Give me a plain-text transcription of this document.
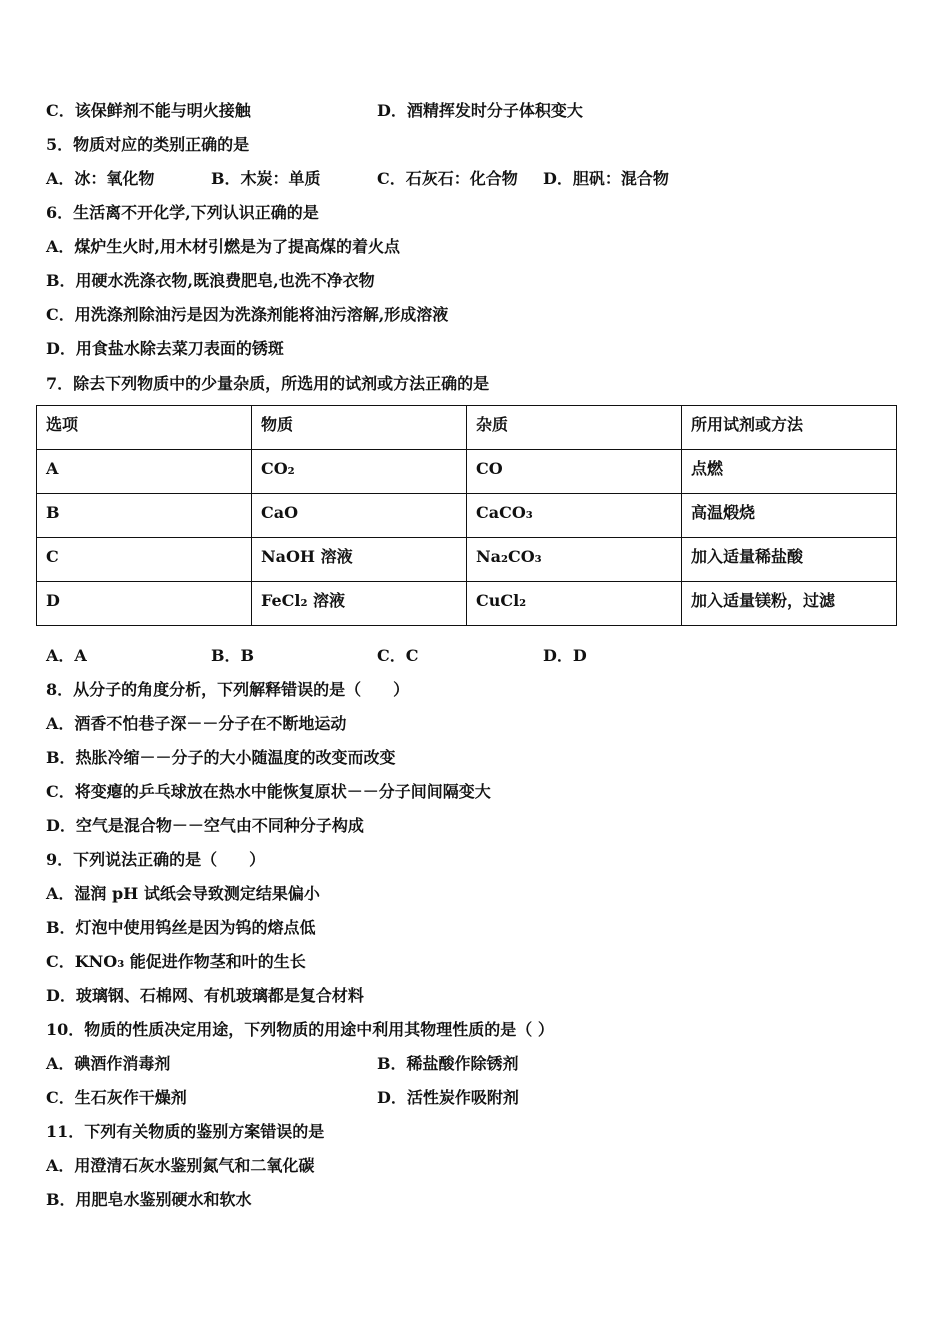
C．该保鲜剂不能与明火接触	D．酒精挥发时分子体积变大
5．物质对应的类别正确的是
A．冰：氧化物	B．木炭：单质	C．石灰石：化合物 D．胆矾：混合物
6．生活离不开化学,下列认识正确的是
A．煤炉生火时,用木材引燃是为了提高煤的着火点
B．用硬水洗涤衣物,既浪费肥皂,也洗不净衣物
C．用洗涤剂除油污是因为洗涤剂能将油污溶解,形成溶液
D．用食盐水除去菜刀表面的锈斑
7．除去下列物质中的少量杂质，所选用的试剂或方法正确的是
选项	物质	杂质	所用试剂或方法
A	CO₂	CO	点燃
B	CaO	CaCO₃	高温煅烧
C	NaOH 溶液	Na₂CO₃	加入适量稀盐酸
D	FeCl₂ 溶液	CuCl₂	加入适量镁粉，过滤
A．A	B．B	C．C	D．D
8．从分子的角度分析，下列解释错误的是（　　）
A．酒香不怕巷子深－－分子在不断地运动
B．热胀冷缩－－分子的大小随温度的改变而改变
C．将变瘪的乒乓球放在热水中能恢复原状－－分子间间隔变大
D．空气是混合物－－空气由不同种分子构成
9．下列说法正确的是（　　）
A．湿润 pH 试纸会导致测定结果偏小
B．灯泡中使用钨丝是因为钨的熔点低
C．KNO₃ 能促进作物茎和叶的生长
D．玻璃钢、石棉网、有机玻璃都是复合材料
10．物质的性质决定用途，下列物质的用途中利用其物理性质的是（ ）
A．碘酒作消毒剂	B．稀盐酸作除锈剂
C．生石灰作干燥剂	D．活性炭作吸附剂
11．下列有关物质的鉴别方案错误的是
A．用澄清石灰水鉴别氮气和二氧化碳
B．用肥皂水鉴别硬水和软水
